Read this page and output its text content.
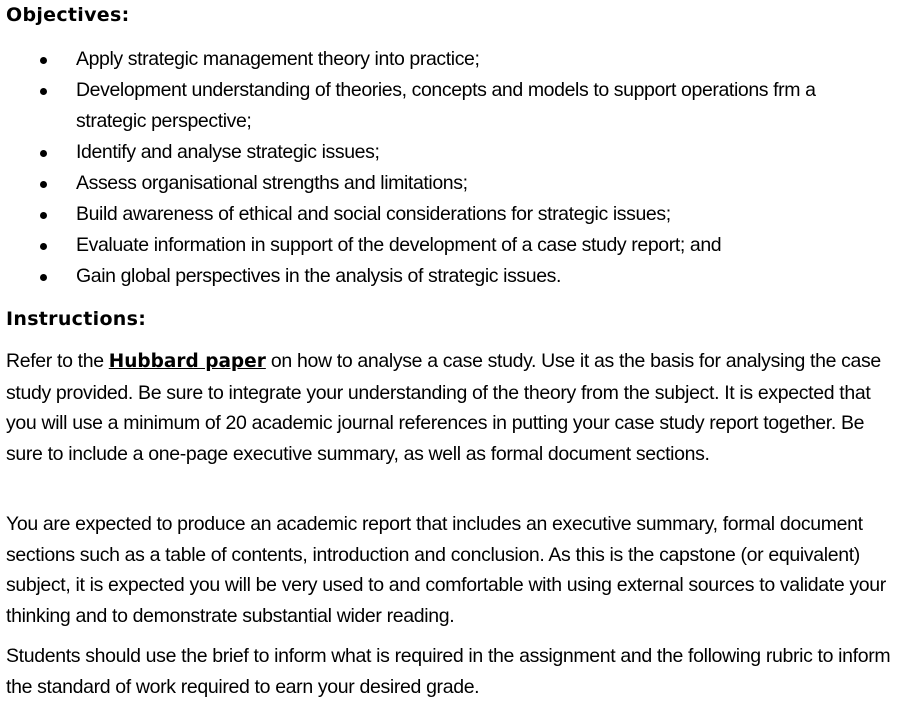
Objectives:
Apply strategic management theory into practice;
Development understanding of theories, concepts and models to support operations frm a strategic perspective;
Identify and analyse strategic issues;
Assess organisational strengths and limitations;
Build awareness of ethical and social considerations for strategic issues;
Evaluate information in support of the development of a case study report; and
Gain global perspectives in the analysis of strategic issues.
Instructions:

Refer to the Hubbard paper on how to analyse a case study. Use it as the basis for analysing the case study provided. Be sure to integrate your understanding of the theory from the subject. It is expected that you will use a minimum of 20 academic journal references in putting your case study report together. Be sure to include a one-page executive summary, as well as formal document sections.

You are expected to produce an academic report that includes an executive summary, formal document sections such as a table of contents, introduction and conclusion. As this is the capstone (or equivalent) subject, it is expected you will be very used to and comfortable with using external sources to validate your thinking and to demonstrate substantial wider reading.

Students should use the brief to inform what is required in the assignment and the following rubric to inform the standard of work required to earn your desired grade.
